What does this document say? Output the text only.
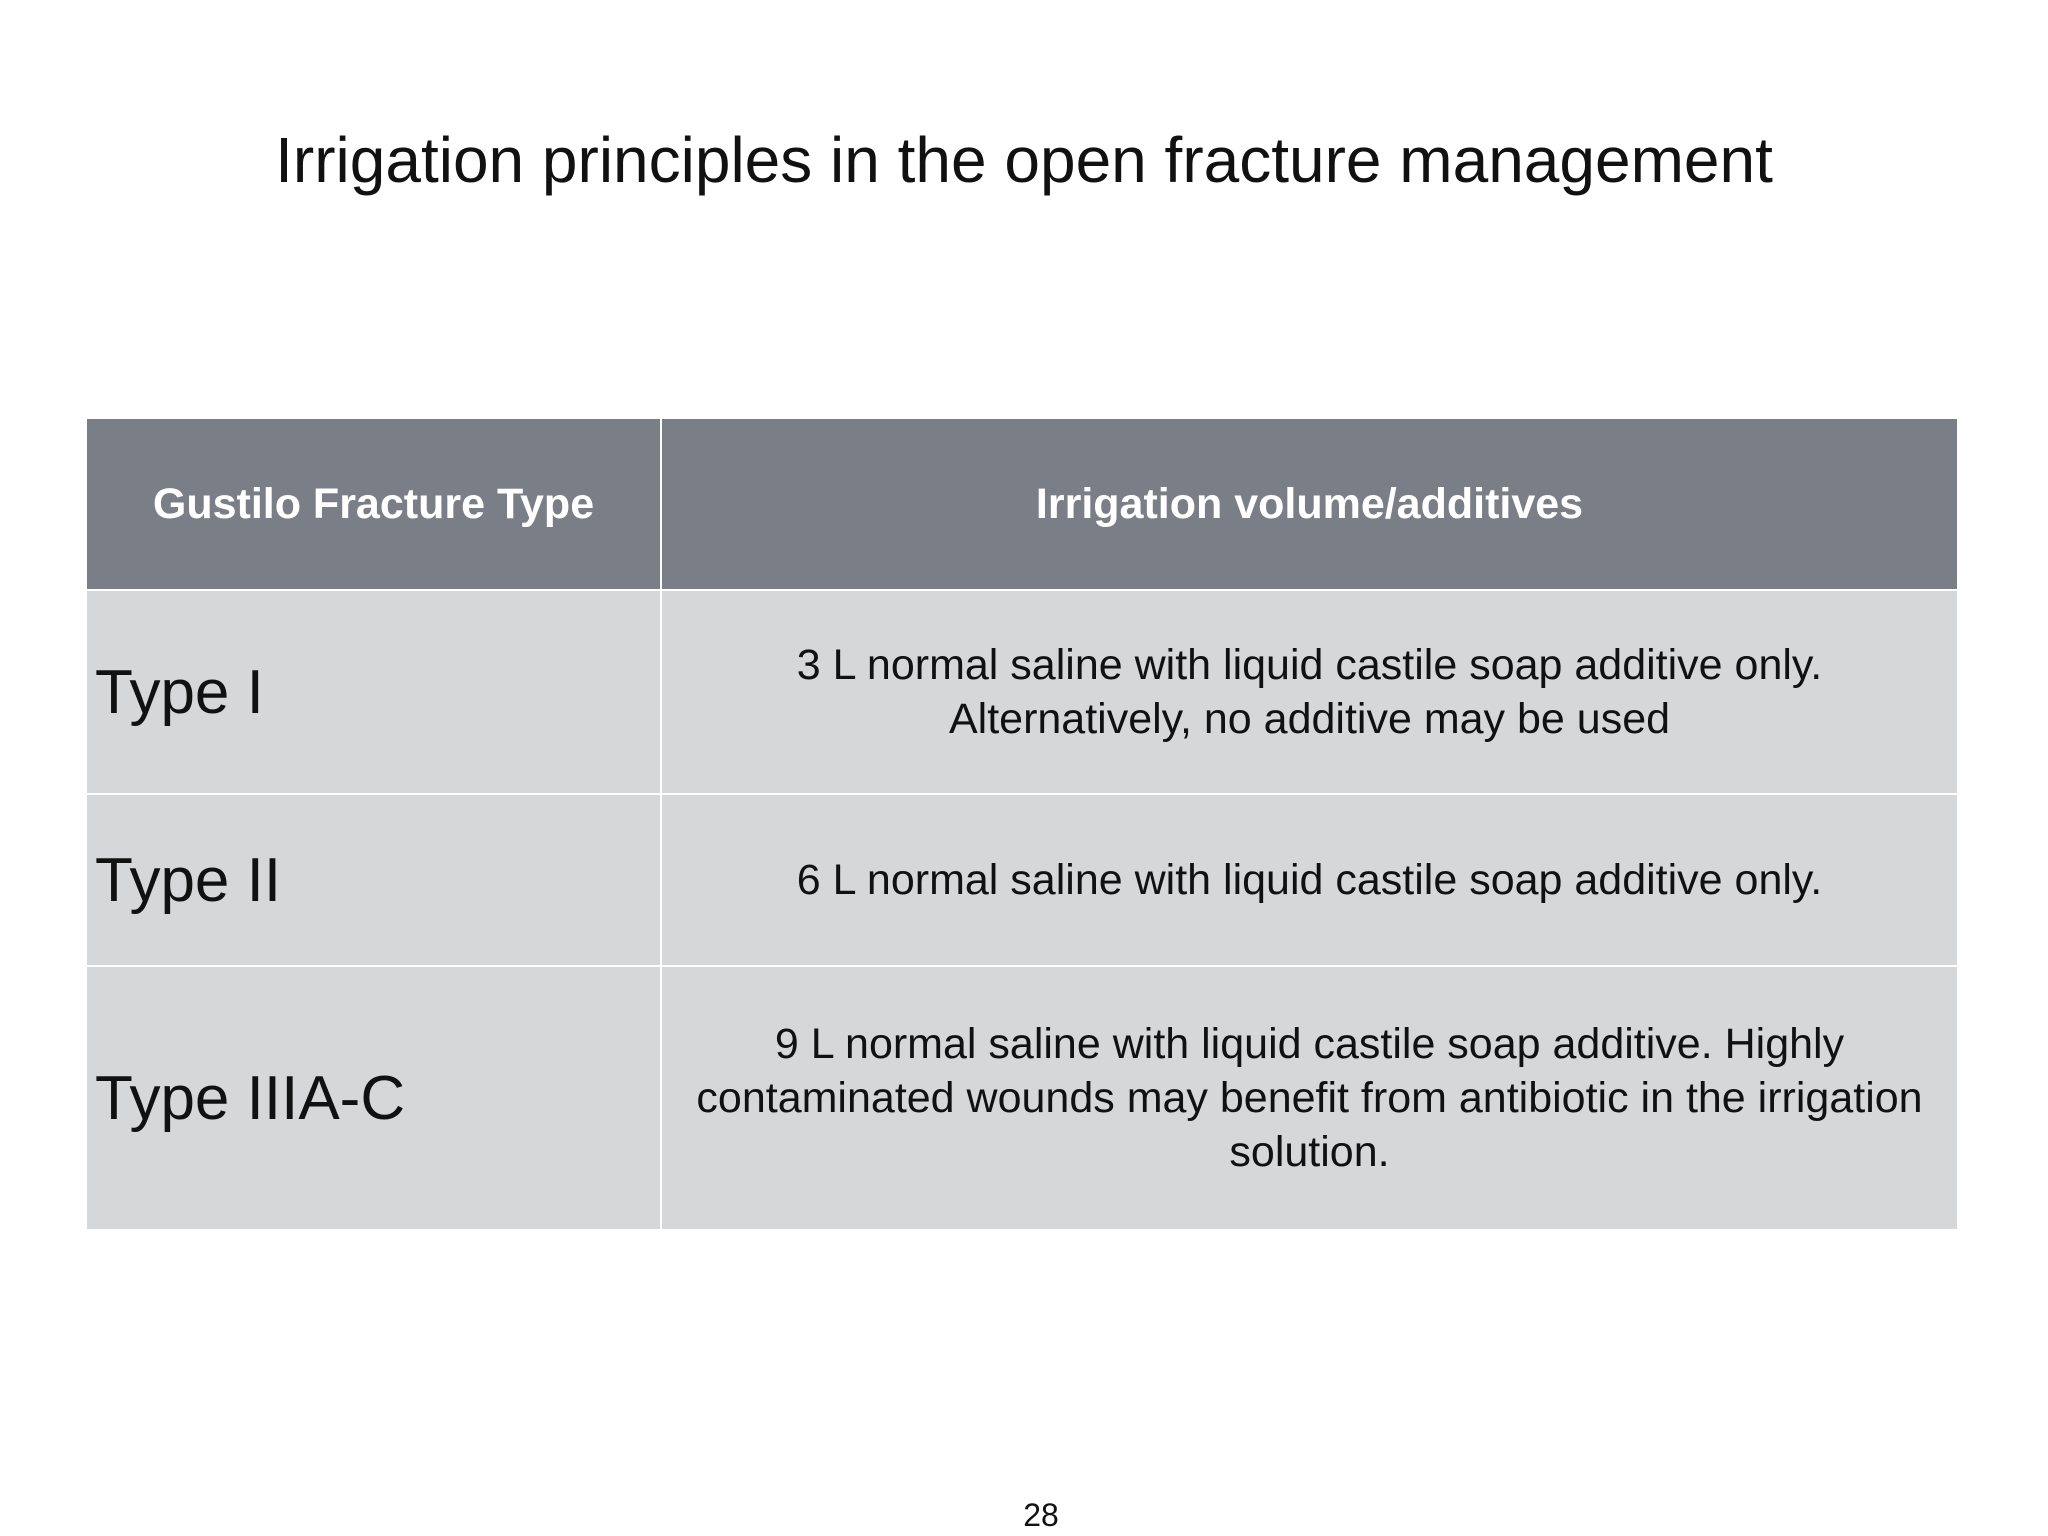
Irrigation principles in the open fracture management
Gustilo Fracture Type	Irrigation volume/additives
Type I	3 L normal saline with liquid castile soap additive only. Alternatively, no additive may be used
Type II	6 L normal saline with liquid castile soap additive only.
Type IIIA-C	9 L normal saline with liquid castile soap additive. Highly contaminated wounds may benefit from antibiotic in the irrigation solution.
28
